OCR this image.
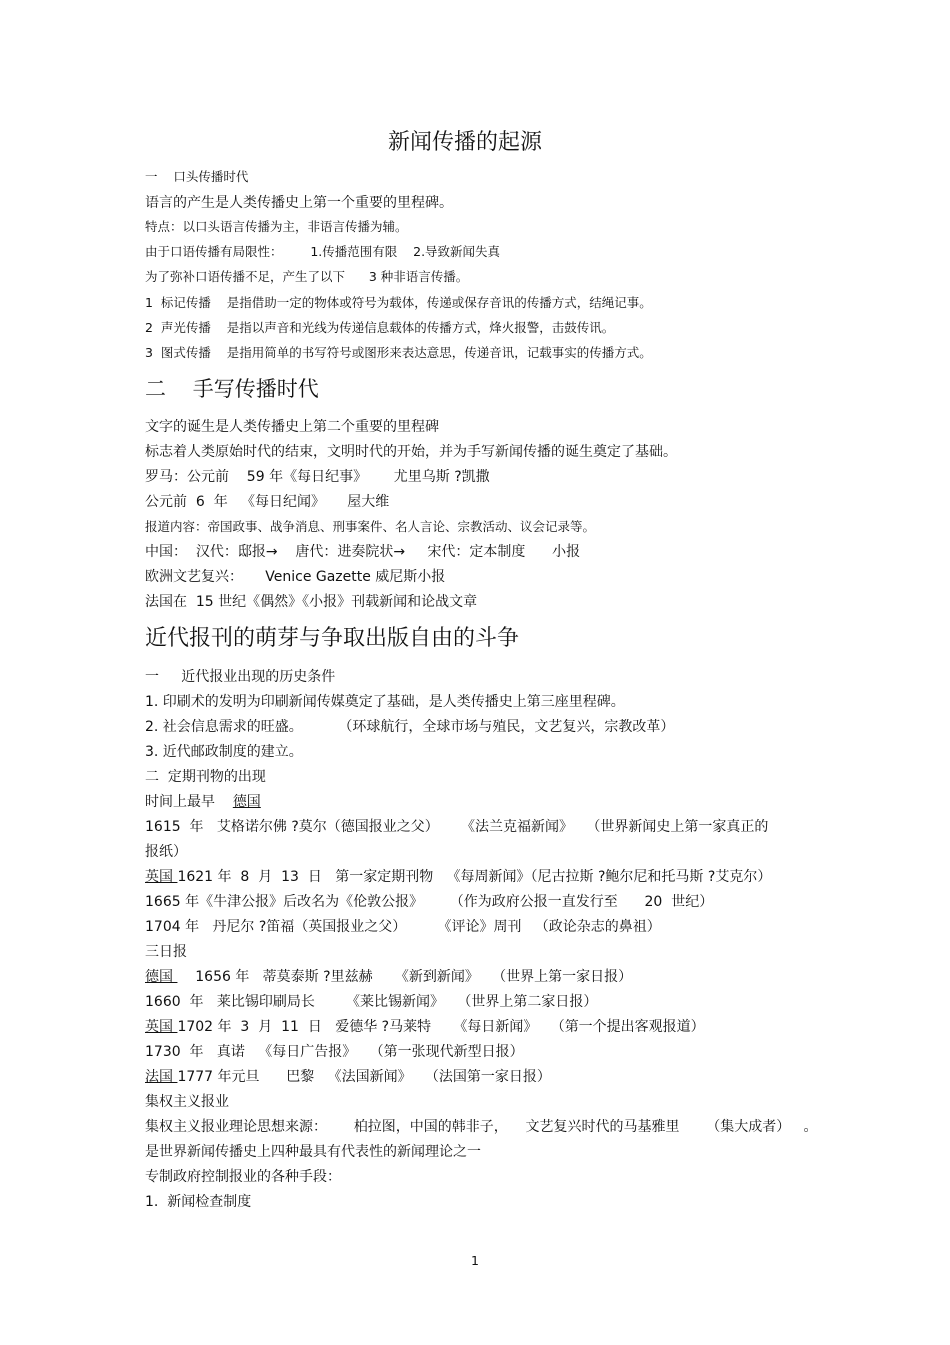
新闻传播的起源
一    口头传播时代
语言的产生是人类传播史上第一个重要的里程碑。
特点：以口头语言传播为主，非语言传播为辅。
由于口语传播有局限性：       1.传播范围有限    2.导致新闻失真
为了弥补口语传播不足，产生了以下      3 种非语言传播。
1  标记传播    是指借助一定的物体或符号为载体，传递或保存音讯的传播方式，结绳记事。
2  声光传播    是指以声音和光线为传递信息载体的传播方式，烽火报警，击鼓传讯。
3  图式传播    是指用简单的书写符号或图形来表达意思，传递音讯，记载事实的传播方式。
二    手写传播时代
文字的诞生是人类传播史上第二个重要的里程碑
标志着人类原始时代的结束，文明时代的开始，并为手写新闻传播的诞生奠定了基础。
罗马：公元前    59 年《每日纪事》      尤里乌斯 ?凯撒
公元前  6  年   《每日纪闻》     屋大维
报道内容：帝国政事、战争消息、刑事案件、名人言论、宗教活动、议会记录等。
中国：  汉代：邸报→    唐代：进奏院状→     宋代：定本制度      小报
欧洲文艺复兴：     Venice Gazette 威尼斯小报
法国在  15 世纪《偶然》《小报》刊载新闻和论战文章
近代报刊的萌芽与争取出版自由的斗争
一     近代报业出现的历史条件
1. 印刷术的发明为印刷新闻传媒奠定了基础，是人类传播史上第三座里程碑。
2. 社会信息需求的旺盛。        （环球航行，全球市场与殖民，文艺复兴，宗教改革）
3. 近代邮政制度的建立。
二  定期刊物的出现
时间上最早    德国
1615  年   艾格诺尔佛 ?莫尔（德国报业之父）     《法兰克福新闻》   （世界新闻史上第一家真正的
报纸）
英国 1621 年  8  月  13  日   第一家定期刊物   《每周新闻》（尼古拉斯 ?鲍尔尼和托马斯 ?艾克尔）
1665 年《牛津公报》后改名为《伦敦公报》      （作为政府公报一直发行至      20  世纪）
1704 年   丹尼尔 ?笛福（英国报业之父）       《评论》周刊   （政论杂志的鼻祖）
三日报
德国     1656 年   蒂莫泰斯 ?里兹赫     《新到新闻》   （世界上第一家日报）
1660  年   莱比锡印刷局长       《莱比锡新闻》   （世界上第二家日报）
英国 1702 年  3  月  11  日   爱德华 ?马莱特     《每日新闻》   （第一个提出客观报道）
1730  年   真诺   《每日广告报》   （第一张现代新型日报）
法国 1777 年元旦      巴黎   《法国新闻》   （法国第一家日报）
集权主义报业
集权主义报业理论思想来源：      柏拉图，中国的韩非子，    文艺复兴时代的马基雅里      （集大成者）   。
是世界新闻传播史上四种最具有代表性的新闻理论之一
专制政府控制报业的各种手段：
1.  新闻检查制度
1
